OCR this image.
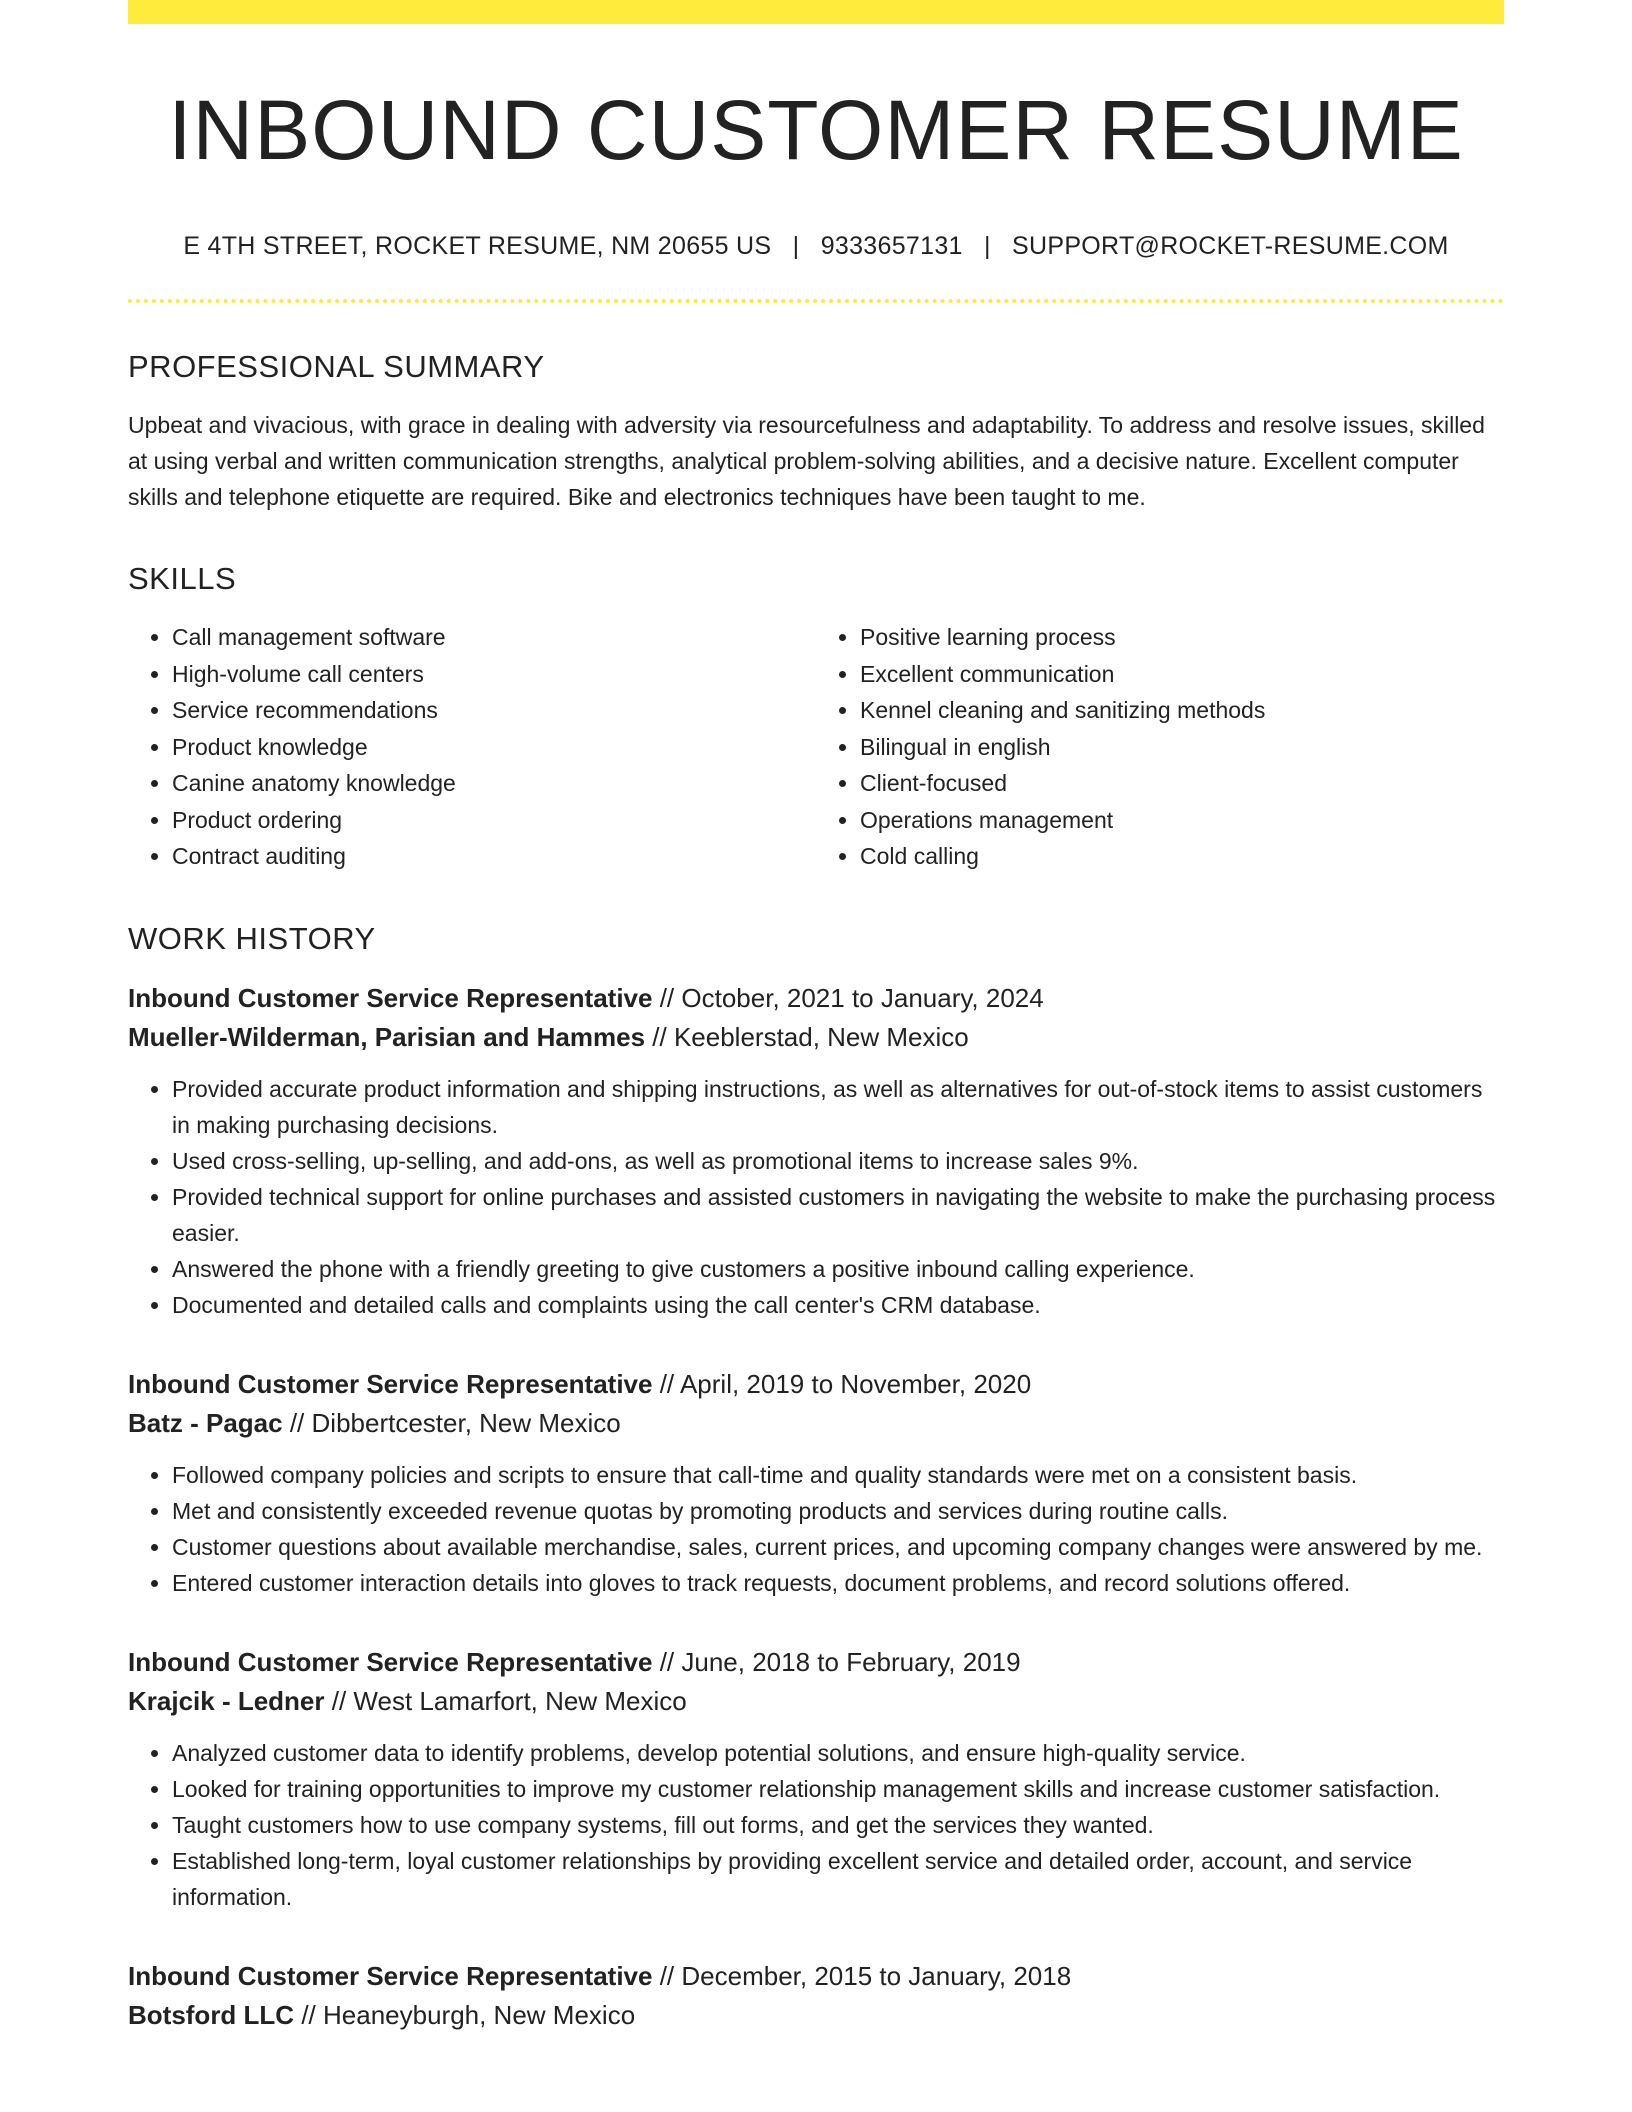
INBOUND CUSTOMER RESUME
E 4TH STREET, ROCKET RESUME, NM 20655 US | 9333657131 | SUPPORT@ROCKET-RESUME.COM
PROFESSIONAL SUMMARY

Upbeat and vivacious, with grace in dealing with adversity via resourcefulness and adaptability. To address and resolve issues, skilled at using verbal and written communication strengths, analytical problem-solving abilities, and a decisive nature. Excellent computer skills and telephone etiquette are required. Bike and electronics techniques have been taught to me.

SKILLS
• Call management software
• High-volume call centers
• Service recommendations
• Product knowledge
• Canine anatomy knowledge
• Product ordering
• Contract auditing
• Positive learning process
• Excellent communication
• Kennel cleaning and sanitizing methods
• Bilingual in english
• Client-focused
• Operations management
• Cold calling
WORK HISTORY
Inbound Customer Service Representative // October, 2021 to January, 2024
Mueller-Wilderman, Parisian and Hammes // Keeblerstad, New Mexico
• Provided accurate product information and shipping instructions, as well as alternatives for out-of-stock items to assist customers in making purchasing decisions.
• Used cross-selling, up-selling, and add-ons, as well as promotional items to increase sales 9%.
• Provided technical support for online purchases and assisted customers in navigating the website to make the purchasing process easier.
• Answered the phone with a friendly greeting to give customers a positive inbound calling experience.
• Documented and detailed calls and complaints using the call center's CRM database.
Inbound Customer Service Representative // April, 2019 to November, 2020
Batz - Pagac // Dibbertcester, New Mexico
• Followed company policies and scripts to ensure that call-time and quality standards were met on a consistent basis.
• Met and consistently exceeded revenue quotas by promoting products and services during routine calls.
• Customer questions about available merchandise, sales, current prices, and upcoming company changes were answered by me.
• Entered customer interaction details into gloves to track requests, document problems, and record solutions offered.
Inbound Customer Service Representative // June, 2018 to February, 2019
Krajcik - Ledner // West Lamarfort, New Mexico
• Analyzed customer data to identify problems, develop potential solutions, and ensure high-quality service.
• Looked for training opportunities to improve my customer relationship management skills and increase customer satisfaction.
• Taught customers how to use company systems, fill out forms, and get the services they wanted.
• Established long-term, loyal customer relationships by providing excellent service and detailed order, account, and service information.
Inbound Customer Service Representative // December, 2015 to January, 2018
Botsford LLC // Heaneyburgh, New Mexico
